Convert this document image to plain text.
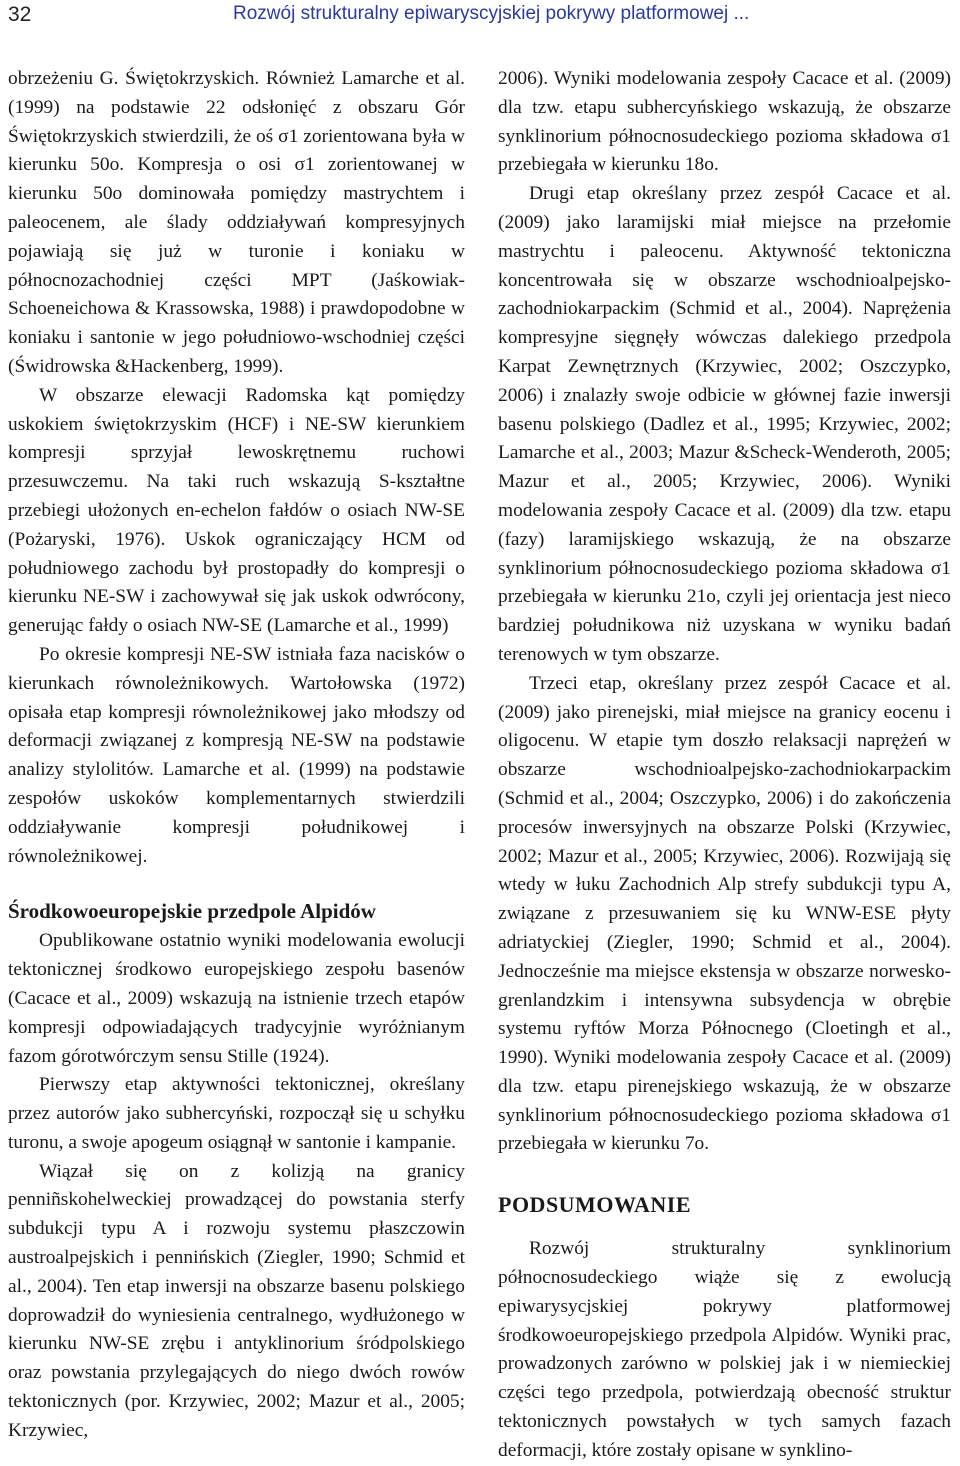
32	Rozwój strukturalny epiwaryscyjskiej pokrywy platformowej ...

obrzeżeniu G. Świętokrzyskich. Również Lamarche et al. (1999) na podstawie 22 odsłonięć z obszaru Gór Świętokrzyskich stwierdzili, że oś σ1 zorientowana była w kierunku 50o. Kompresja o osi σ1 zorientowanej w kierunku 50o dominowała pomiędzy mastrychtem i paleocenem, ale ślady oddziaływań kompresyjnych pojawiają się już w turonie i koniaku w północnozachodniej części MPT (Jaśkowiak-Schoeneichowa & Krassowska, 1988) i prawdopodobne w koniaku i santonie w jego południowo-wschodniej części (Świdrowska &Hackenberg, 1999).

W obszarze elewacji Radomska kąt pomiędzy uskokiem świętokrzyskim (HCF) i NE-SW kierunkiem kompresji sprzyjał lewoskrętnemu ruchowi przesuwczemu. Na taki ruch wskazują S-kształtne przebiegi ułożonych en-echelon fałdów o osiach NW-SE (Pożaryski, 1976). Uskok ograniczający HCM od południowego zachodu był prostopadły do kompresji o kierunku NE-SW i zachowywał się jak uskok odwrócony, generując fałdy o osiach NW-SE (Lamarche et al., 1999)

Po okresie kompresji NE-SW istniała faza nacisków o kierunkach równoleżnikowych. Wartołowska (1972) opisała etap kompresji równoleżnikowej jako młodszy od deformacji związanej z kompresją NE-SW na podstawie analizy stylolitów. Lamarche et al. (1999) na podstawie zespołów uskoków komplementarnych stwierdzili oddziaływanie kompresji południkowej i równoleżnikowej.

Środkowoeuropejskie przedpole Alpidów

Opublikowane ostatnio wyniki modelowania ewolucji tektonicznej środkowo europejskiego zespołu basenów (Cacace et al., 2009) wskazują na istnienie trzech etapów kompresji odpowiadających tradycyjnie wyróżnianym fazom górotwórczym sensu Stille (1924).

Pierwszy etap aktywności tektonicznej, określany przez autorów jako subhercyński, rozpoczął się u schyłku turonu, a swoje apogeum osiągnął w santonie i kampanie.

Wiązał się on z kolizją na granicy penniñskohelweckiej prowadzącej do powstania sterfy subdukcji typu A i rozwoju systemu płaszczowin austroalpejskich i pennińskich (Ziegler, 1990; Schmid et al., 2004). Ten etap inwersji na obszarze basenu polskiego doprowadził do wyniesienia centralnego, wydłużonego w kierunku NW-SE zrębu i antyklinorium śródpolskiego oraz powstania przylegających do niego dwóch rowów tektonicznych (por. Krzywiec, 2002; Mazur et al., 2005; Krzywiec,

2006). Wyniki modelowania zespoły Cacace et al. (2009) dla tzw. etapu subhercyńskiego wskazują, że obszarze synklinorium północnosudeckiego pozioma składowa σ1 przebiegała w kierunku 18o.

Drugi etap określany przez zespół Cacace et al. (2009) jako laramijski miał miejsce na przełomie mastrychtu i paleocenu. Aktywność tektoniczna koncentrowała się w obszarze wschodnioalpejsko-zachodniokarpackim (Schmid et al., 2004). Naprężenia kompresyjne sięgnęły wówczas dalekiego przedpola Karpat Zewnętrznych (Krzywiec, 2002; Oszczypko, 2006) i znalazły swoje odbicie w głównej fazie inwersji basenu polskiego (Dadlez et al., 1995; Krzywiec, 2002; Lamarche et al., 2003; Mazur &Scheck-Wenderoth, 2005; Mazur et al., 2005; Krzywiec, 2006). Wyniki modelowania zespoły Cacace et al. (2009) dla tzw. etapu (fazy) laramijskiego wskazują, że na obszarze synklinorium północnosudeckiego pozioma składowa σ1 przebiegała w kierunku 21o, czyli jej orientacja jest nieco bardziej południkowa niż uzyskana w wyniku badań terenowych w tym obszarze.

Trzeci etap, określany przez zespół Cacace et al. (2009) jako pirenejski, miał miejsce na granicy eocenu i oligocenu. W etapie tym doszło relaksacji naprężeń w obszarze wschodnioalpejsko-zachodniokarpackim (Schmid et al., 2004; Oszczypko, 2006) i do zakończenia procesów inwersyjnych na obszarze Polski (Krzywiec, 2002; Mazur et al., 2005; Krzywiec, 2006). Rozwijają się wtedy w łuku Zachodnich Alp strefy subdukcji typu A, związane z przesuwaniem się ku WNW-ESE płyty adriatyckiej (Ziegler, 1990; Schmid et al., 2004). Jednocześnie ma miejsce ekstensja w obszarze norwesko-grenlandzkim i intensywna subsydencja w obrębie systemu ryftów Morza Północnego (Cloetingh et al., 1990). Wyniki modelowania zespoły Cacace et al. (2009) dla tzw. etapu pirenejskiego wskazują, że w obszarze synklinorium północnosudeckiego pozioma składowa σ1 przebiegała w kierunku 7o.

PODSUMOWANIE

Rozwój strukturalny synklinorium północnosudeckiego wiąże się z ewolucją epiwarysycjskiej pokrywy platformowej środkowoeuropejskiego przedpola Alpidów. Wyniki prac, prowadzonych zarówno w polskiej jak i w niemieckiej części tego przedpola, potwierdzają obecność struktur tektonicznych powstałych w tych samych fazach deformacji, które zostały opisane w synklino-
